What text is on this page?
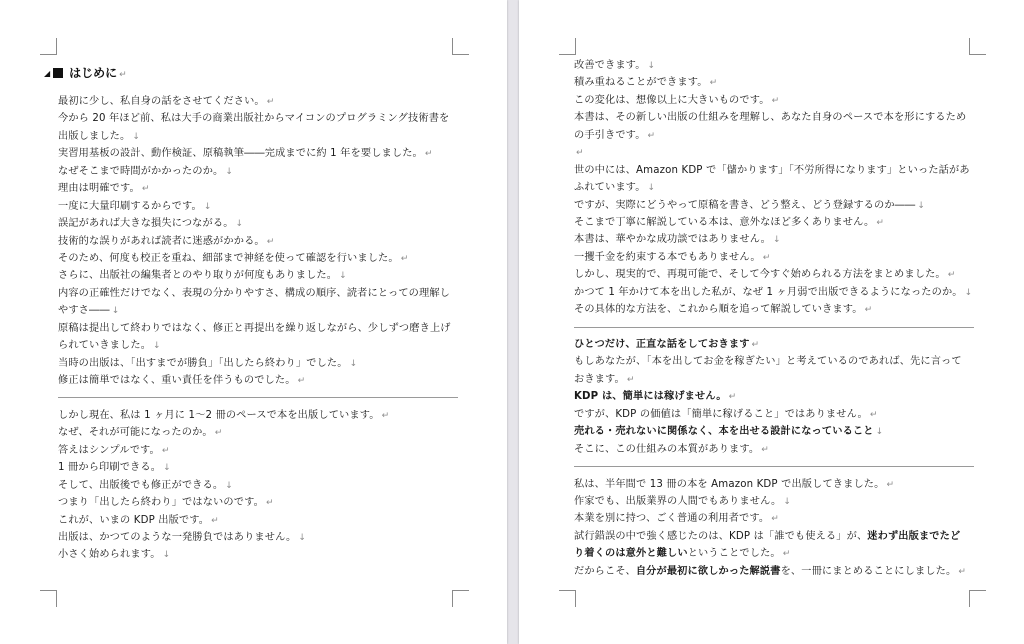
◢ はじめに ↵
最初に少し、私自身の話をさせてください。 ↵
今から 20 年ほど前、私は大手の商業出版社からマイコンのプログラミング技術書を
出版しました。 ↓
実習用基板の設計、動作検証、原稿執筆――完成までに約 1 年を要しました。 ↵
なぜそこまで時間がかかったのか。 ↓
理由は明確です。 ↵
一度に大量印刷するからです。 ↓
誤記があれば大きな損失につながる。 ↓
技術的な誤りがあれば読者に迷惑がかかる。 ↵
そのため、何度も校正を重ね、細部まで神経を使って確認を行いました。 ↵
さらに、出版社の編集者とのやり取りが何度もありました。 ↓
内容の正確性だけでなく、表現の分かりやすさ、構成の順序、読者にとっての理解し
やすさ―― ↓
原稿は提出して終わりではなく、修正と再提出を繰り返しながら、少しずつ磨き上げ
られていきました。 ↓
当時の出版は、「出すまでが勝負」「出したら終わり」でした。 ↓
修正は簡単ではなく、重い責任を伴うものでした。 ↵
しかし現在、私は 1 ヶ月に 1～2 冊のペースで本を出版しています。 ↵
なぜ、それが可能になったのか。 ↵
答えはシンプルです。 ↵
1 冊から印刷できる。 ↓
そして、出版後でも修正ができる。 ↓
つまり「出したら終わり」ではないのです。 ↵
これが、いまの KDP 出版です。 ↵
出版は、かつてのような一発勝負ではありません。 ↓
小さく始められます。 ↓
改善できます。 ↓
積み重ねることができます。 ↵
この変化は、想像以上に大きいものです。 ↵
本書は、その新しい出版の仕組みを理解し、あなた自身のペースで本を形にするため
の手引きです。 ↵
↵
世の中には、Amazon KDP で「儲かります」「不労所得になります」といった話があ
ふれています。 ↓
ですが、実際にどうやって原稿を書き、どう整え、どう登録するのか―― ↓
そこまで丁寧に解説している本は、意外なほど多くありません。 ↵
本書は、華やかな成功談ではありません。 ↓
一攫千金を約束する本でもありません。 ↵
しかし、現実的で、再現可能で、そして今すぐ始められる方法をまとめました。 ↵
かつて 1 年かけて本を出した私が、なぜ 1 ヶ月弱で出版できるようになったのか。 ↓
その具体的な方法を、これから順を追って解説していきます。 ↵
ひとつだけ、正直な話をしておきます ↵
もしあなたが、「本を出してお金を稼ぎたい」と考えているのであれば、先に言って
おきます。 ↵
KDP は、簡単には稼げません。 ↵
ですが、KDP の価値は「簡単に稼げること」ではありません。 ↵
売れる・売れないに関係なく、本を出せる設計になっていること ↓
そこに、この仕組みの本質があります。 ↵
私は、半年間で 13 冊の本を Amazon KDP で出版してきました。 ↵
作家でも、出版業界の人間でもありません。 ↓
本業を別に持つ、ごく普通の利用者です。 ↵
試行錯誤の中で強く感じたのは、KDP は「誰でも使える」が、迷わず出版までたど
り着くのは意外と難しいということでした。 ↵
だからこそ、自分が最初に欲しかった解説書を、一冊にまとめることにしました。 ↵
